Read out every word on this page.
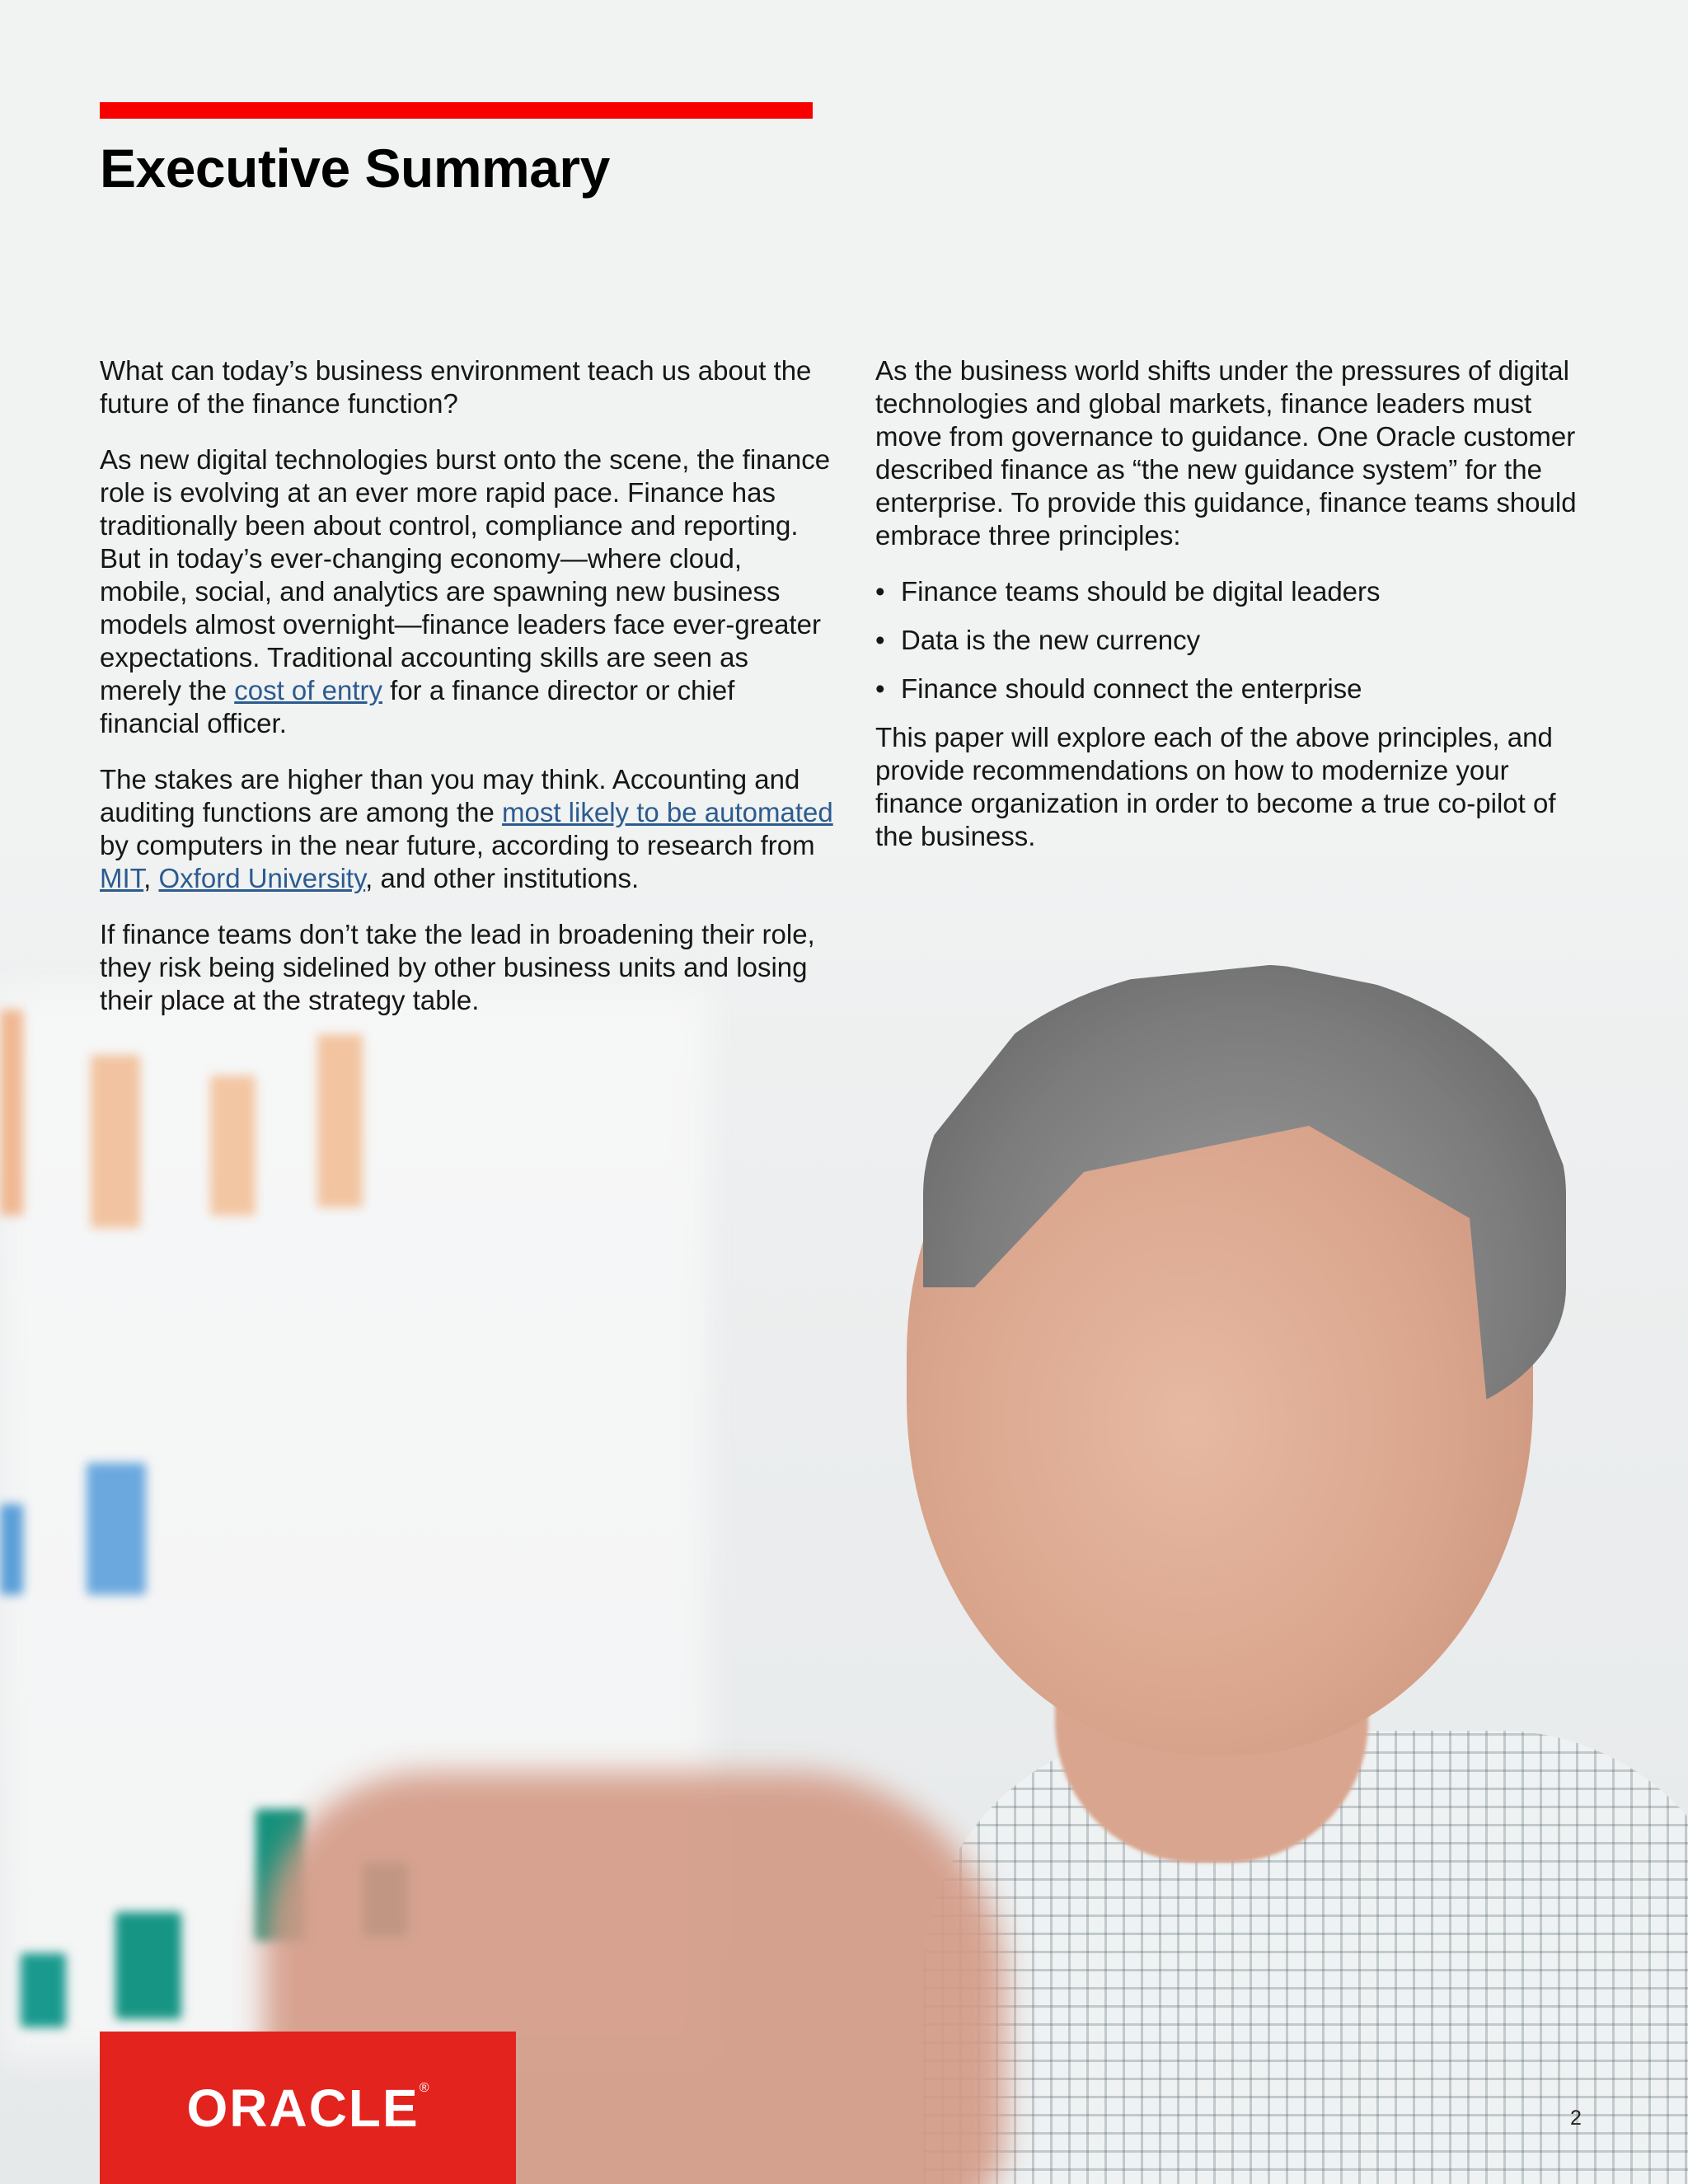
Executive Summary

What can today’s business environment teach us about the future of the finance function?

As new digital technologies burst onto the scene, the finance role is evolving at an ever more rapid pace. Finance has traditionally been about control, compliance and reporting. But in today’s ever-changing economy—where cloud, mobile, social, and analytics are spawning new business models almost overnight—finance leaders face ever-greater expectations. Traditional accounting skills are seen as merely the cost of entry for a finance director or chief financial officer.

The stakes are higher than you may think. Accounting and auditing functions are among the most likely to be automated by computers in the near future, according to research from MIT, Oxford University, and other institutions.

If finance teams don’t take the lead in broadening their role, they risk being sidelined by other business units and losing their place at the strategy table.

As the business world shifts under the pressures of digital technologies and global markets, finance leaders must move from governance to guidance. One Oracle customer described finance as “the new guidance system” for the enterprise. To provide this guidance, finance teams should embrace three principles:

• Finance teams should be digital leaders
• Data is the new currency
• Finance should connect the enterprise

This paper will explore each of the above principles, and provide recommendations on how to modernize your finance organization in order to become a true co-pilot of the business.

ORACLE ®
2
